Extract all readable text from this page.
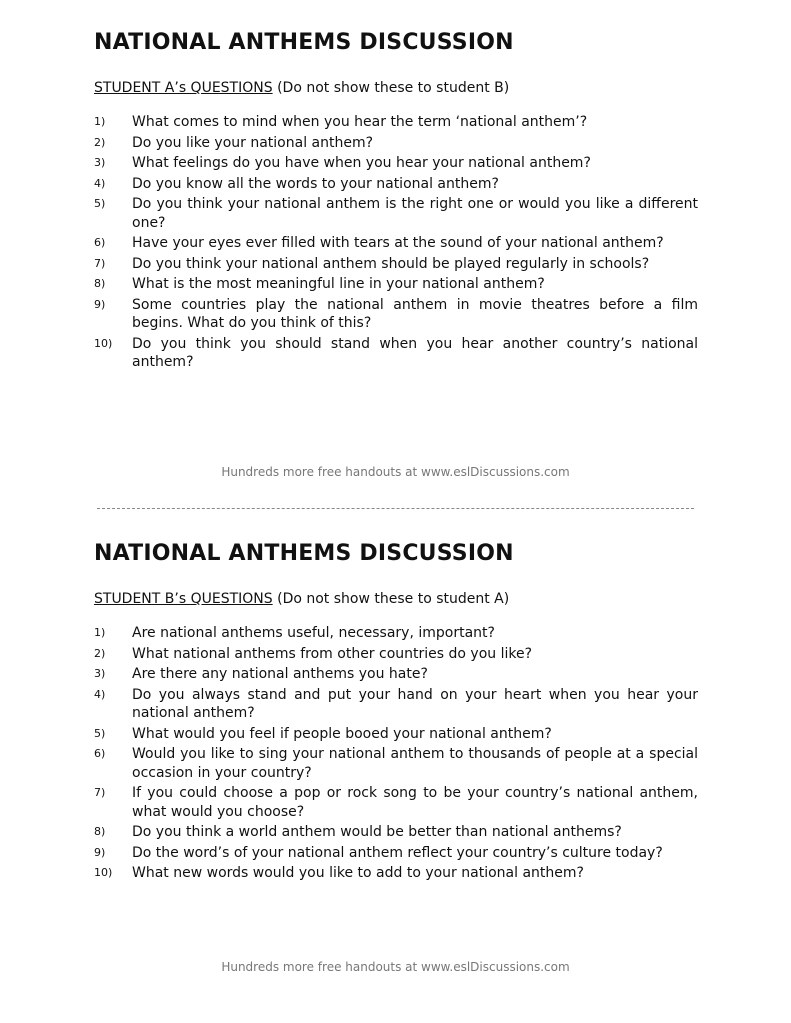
NATIONAL ANTHEMS DISCUSSION
STUDENT A’s QUESTIONS (Do not show these to student B)
1)	What comes to mind when you hear the term ‘national anthem’?
2)	Do you like your national anthem?
3)	What feelings do you have when you hear your national anthem?
4)	Do you know all the words to your national anthem?
5)	Do you think your national anthem is the right one or would you like a different one?
6)	Have your eyes ever filled with tears at the sound of your national anthem?
7)	Do you think your national anthem should be played regularly in schools?
8)	What is the most meaningful line in your national anthem?
9)	Some countries play the national anthem in movie theatres before a film begins. What do you think of this?
10)	Do you think you should stand when you hear another country’s national anthem?
Hundreds more free handouts at www.eslDiscussions.com
NATIONAL ANTHEMS DISCUSSION
STUDENT B’s QUESTIONS (Do not show these to student A)
1)	Are national anthems useful, necessary, important?
2)	What national anthems from other countries do you like?
3)	Are there any national anthems you hate?
4)	Do you always stand and put your hand on your heart when you hear your national anthem?
5)	What would you feel if people booed your national anthem?
6)	Would you like to sing your national anthem to thousands of people at a special occasion in your country?
7)	If you could choose a pop or rock song to be your country’s national anthem, what would you choose?
8)	Do you think a world anthem would be better than national anthems?
9)	Do the word’s of your national anthem reflect your country’s culture today?
10)	What new words would you like to add to your national anthem?
Hundreds more free handouts at www.eslDiscussions.com
